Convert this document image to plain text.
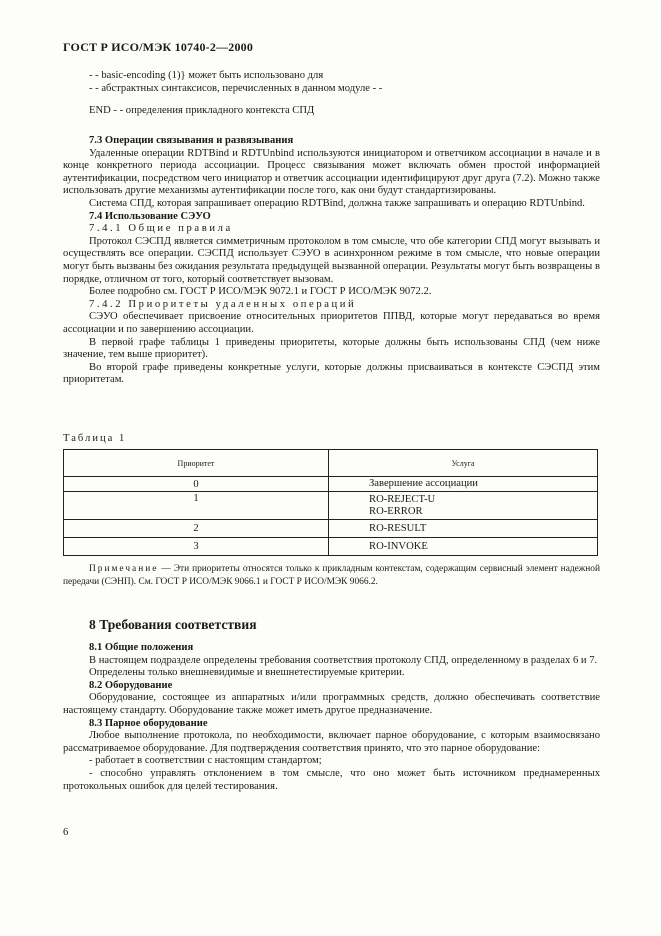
ГОСТ Р ИСО/МЭК 10740-2—2000

- - basic-encoding (1)} может быть использовано для

- - абстрактных синтаксисов, перечисленных в данном модуле - -

END - - определения прикладного контекста СПД

7.3 Операции связывания и развязывания

Удаленные операции RDTBind и RDTUnbind используются инициатором и ответчиком ассоциации в начале и в конце конкретного периода ассоциации. Процесс связывания может включать обмен простой информацией аутентификации, посредством чего инициатор и ответчик ассоциации идентифицируют друг друга (7.2). Можно также использовать другие механизмы аутентификации после того, как они будут стандартизированы.

Система СПД, которая запрашивает операцию RDTBind, должна также запрашивать и операцию RDTUnbind.

7.4 Использование СЭУО

7.4.1 Общие правила

Протокол СЭСПД является симметричным протоколом в том смысле, что обе категории СПД могут вызывать и осуществлять все операции. СЭСПД использует СЭУО в асинхронном режиме в том смысле, что новые операции могут быть вызваны без ожидания результата предыдущей вызванной операции. Результаты могут быть возвращены в порядке, отличном от того, который соответствует вызовам.

Более подробно см. ГОСТ Р ИСО/МЭК 9072.1 и ГОСТ Р ИСО/МЭК 9072.2.

7.4.2 Приоритеты удаленных операций

СЭУО обеспечивает присвоение относительных приоритетов ППВД, которые могут передаваться во время ассоциации и по завершению ассоциации.

В первой графе таблицы 1 приведены приоритеты, которые должны быть использованы СПД (чем ниже значение, тем выше приоритет).

Во второй графе приведены конкретные услуги, которые должны присваиваться в контексте СЭСПД этим приоритетам.

Таблица 1
Приоритет	Услуга
0	Завершение ассоциации
1	RO-REJECT-U
RO-ERROR
2	RO-RESULT
3	RO-INVOKE

Примечание — Эти приоритеты относятся только к прикладным контекстам, содержащим сервисный элемент надежной передачи (СЭНП). См. ГОСТ Р ИСО/МЭК 9066.1 и ГОСТ Р ИСО/МЭК 9066.2.

8 Требования соответствия

8.1 Общие положения

В настоящем подразделе определены требования соответствия протоколу СПД, определенному в разделах 6 и 7.

Определены только внешневидимые и внешнетестируемые критерии.

8.2 Оборудование

Оборудование, состоящее из аппаратных и/или программных средств, должно обеспечивать соответствие настоящему стандарту. Оборудование также может иметь другое предназначение.

8.3 Парное оборудование

Любое выполнение протокола, по необходимости, включает парное оборудование, с которым взаимосвязано рассматриваемое оборудование. Для подтверждения соответствия принято, что это парное оборудование:

- работает в соответствии с настоящим стандартом;

- способно управлять отклонением в том смысле, что оно может быть источником преднамеренных протокольных ошибок для целей тестирования.

6
